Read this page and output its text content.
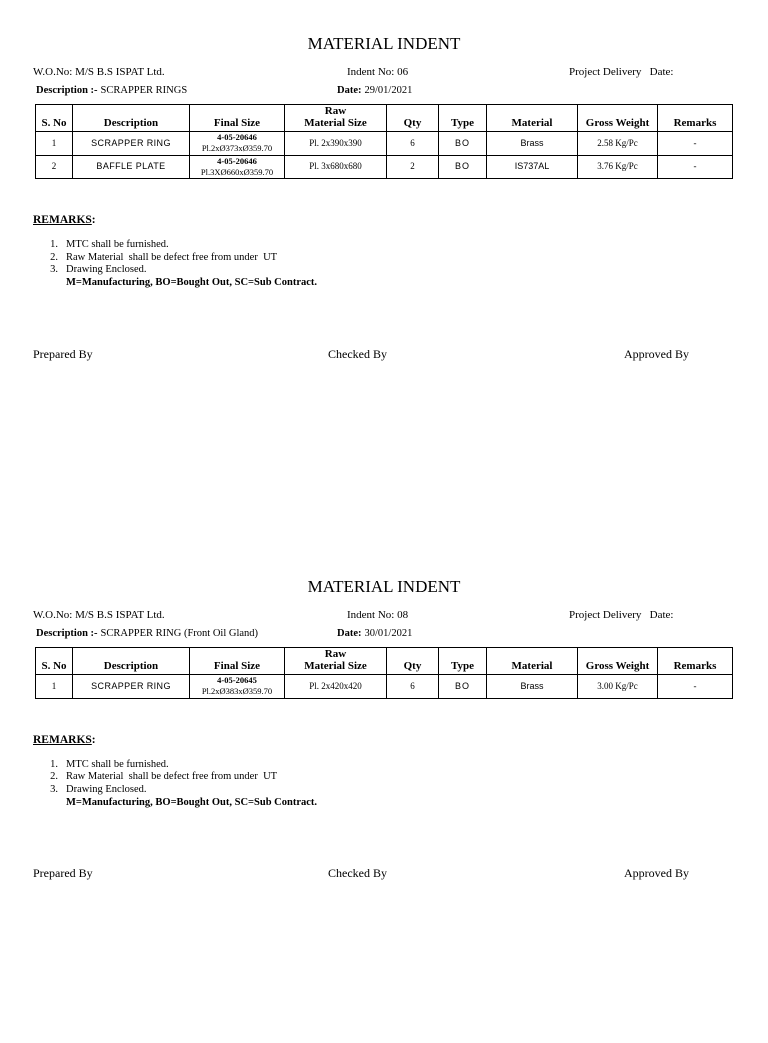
MATERIAL INDENT
W.O.No: M/S B.S ISPAT Ltd.	Indent No: 06	Project Delivery   Date:
Description :- SCRAPPER RINGS	Date: 29/01/2021
S. No	Description	Final Size	Raw
Material Size	Qty	Type	Material	Gross Weight	Remarks
1	SCRAPPER RING	4-05-20646
Pl.2xØ373xØ359.70	Pl. 2x390x390	6	BO	Brass	2.58 Kg/Pc	-
2	BAFFLE PLATE	4-05-20646
Pl.3XØ660xØ359.70	Pl. 3x680x680	2	BO	IS737AL	3.76 Kg/Pc	-
REMARKS:
1. MTC shall be furnished.
2. Raw Material  shall be defect free from under  UT
3. Drawing Enclosed.
M=Manufacturing, BO=Bought Out, SC=Sub Contract.
Prepared By	Checked By	Approved By
MATERIAL INDENT
W.O.No: M/S B.S ISPAT Ltd.	Indent No: 08	Project Delivery   Date:
Description :- SCRAPPER RING (Front Oil Gland)	Date: 30/01/2021
S. No	Description	Final Size	Raw
Material Size	Qty	Type	Material	Gross Weight	Remarks
1	SCRAPPER RING	4-05-20645
Pl.2xØ383xØ359.70	Pl. 2x420x420	6	BO	Brass	3.00 Kg/Pc	-
REMARKS:
1. MTC shall be furnished.
2. Raw Material  shall be defect free from under  UT
3. Drawing Enclosed.
M=Manufacturing, BO=Bought Out, SC=Sub Contract.
Prepared By	Checked By	Approved By
